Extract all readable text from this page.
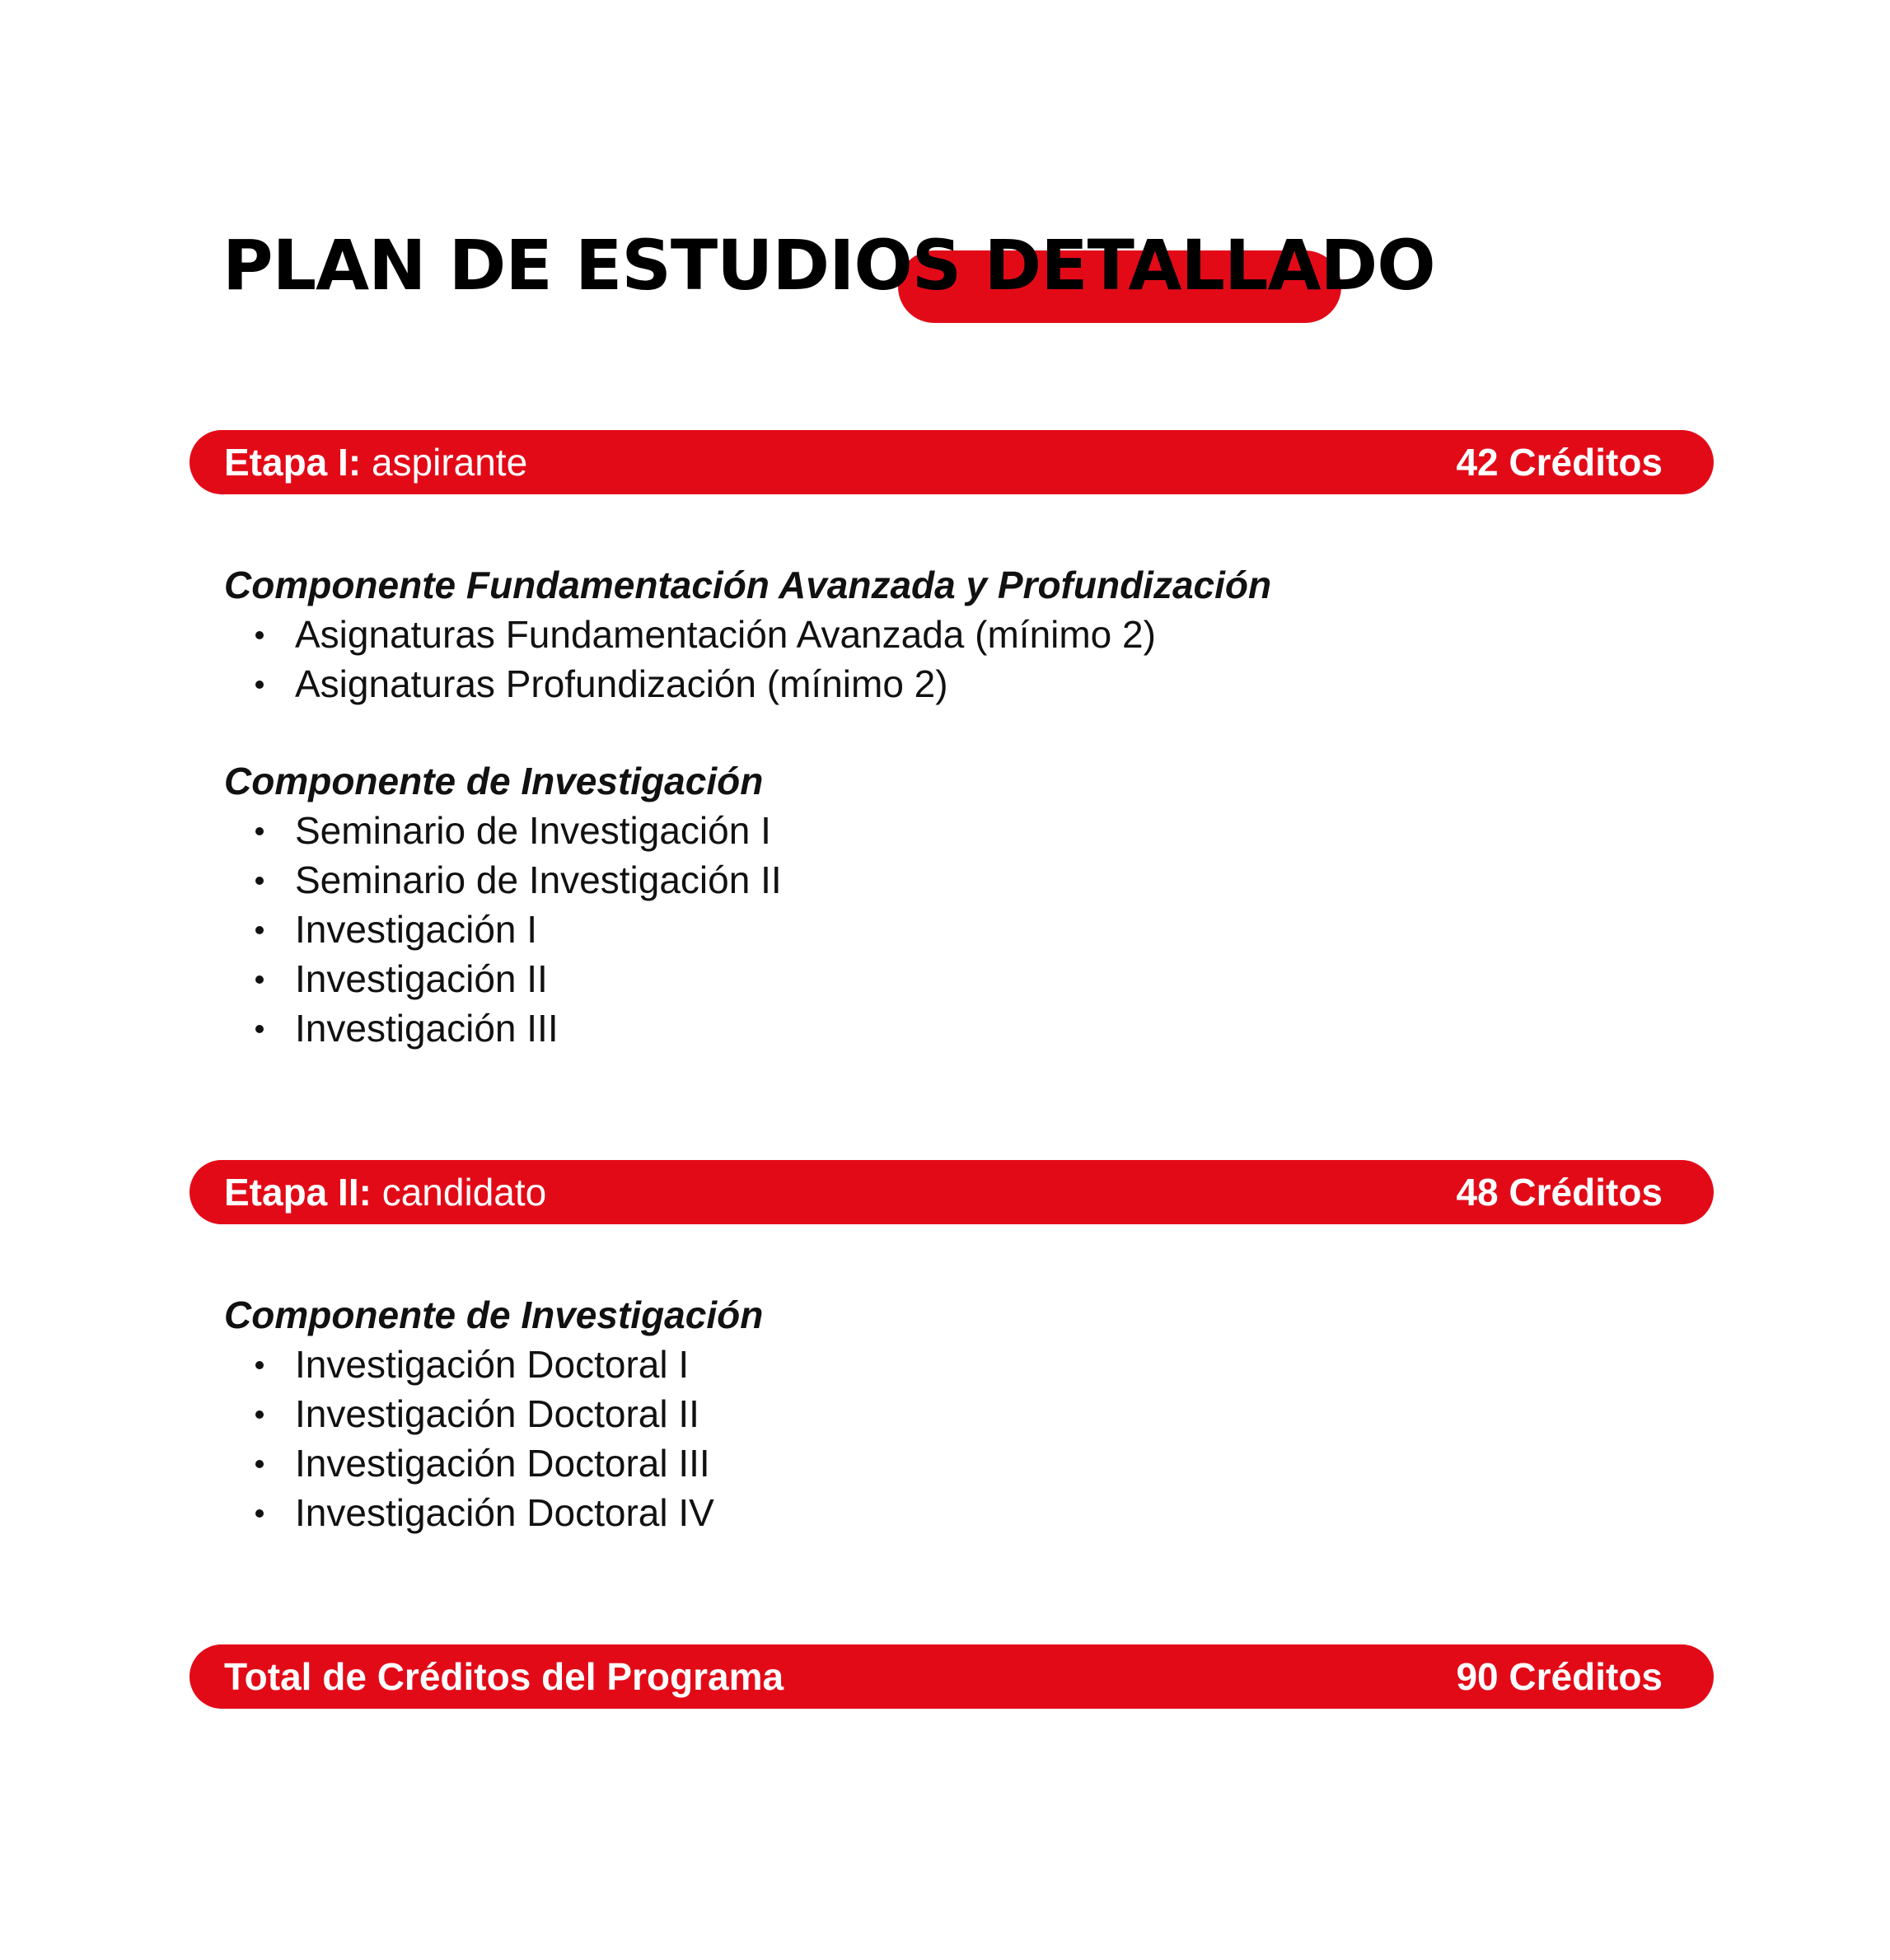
PLAN DE ESTUDIOS DETALLADO
Etapa I: aspirante	42 Créditos
Componente Fundamentación Avanzada y Profundización
Asignaturas Fundamentación Avanzada (mínimo 2)
Asignaturas Profundización (mínimo 2)
Componente de Investigación
Seminario de Investigación I
Seminario de Investigación II
Investigación I
Investigación II
Investigación III
Etapa II: candidato	48 Créditos
Componente de Investigación
Investigación Doctoral I
Investigación Doctoral II
Investigación Doctoral III
Investigación Doctoral IV
Total de Créditos del Programa	90 Créditos
